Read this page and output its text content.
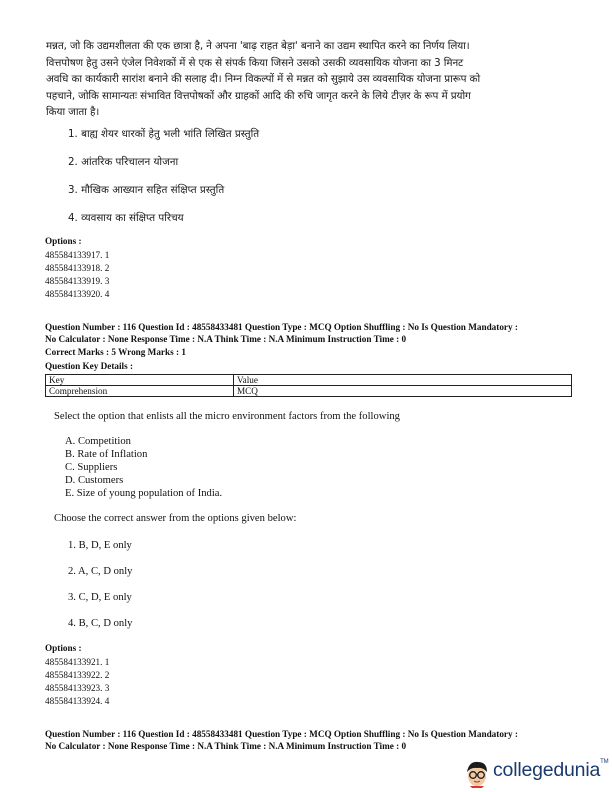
मन्नत, जो कि उद्यमशीलता की एक छात्रा है, ने अपना 'बाढ़ राहत बेड़ा' बनाने का उद्यम स्थापित करने का निर्णय लिया।
वित्तपोषण हेतु उसने एंजेल निवेशकों में से एक से संपर्क किया जिसने उसको उसकी व्यवसायिक योजना का 3 मिनट
अवधि का कार्यकारी सारांश बनाने की सलाह दी। निम्न विकल्पों में से मन्नत को सुझाये उस व्यवसायिक योजना प्रारूप को
पहचाने, जोकि सामान्यतः संभावित वित्तपोषकों और ग्राहकों आदि की रुचि जागृत करने के लिये टीज़र के रूप में प्रयोग
किया जाता है।
1. बाह्य शेयर धारकों हेतु भली भांति लिखित प्रस्तुति
2. आंतरिक परिचालन योजना
3. मौखिक आख्यान सहित संक्षिप्त प्रस्तुति
4. व्यवसाय का संक्षिप्त परिचय
Options :
485584133917. 1
485584133918. 2
485584133919. 3
485584133920. 4
Question Number : 116 Question Id : 48558433481 Question Type : MCQ Option Shuffling : No Is Question Mandatory :
No Calculator : None Response Time : N.A Think Time : N.A Minimum Instruction Time : 0
Correct Marks : 5 Wrong Marks : 1
Question Key Details :
Key	Value
Comprehension	MCQ
Select the option that enlists all the micro environment factors from the following
A. Competition
B. Rate of Inflation
C. Suppliers
D. Customers
E. Size of young population of India.
Choose the correct answer from the options given below:
1. B, D, E only
2. A, C, D only
3. C, D, E only
4. B, C, D only
Options :
485584133921. 1
485584133922. 2
485584133923. 3
485584133924. 4
Question Number : 116 Question Id : 48558433481 Question Type : MCQ Option Shuffling : No Is Question Mandatory :
No Calculator : None Response Time : N.A Think Time : N.A Minimum Instruction Time : 0
collegedunia™
